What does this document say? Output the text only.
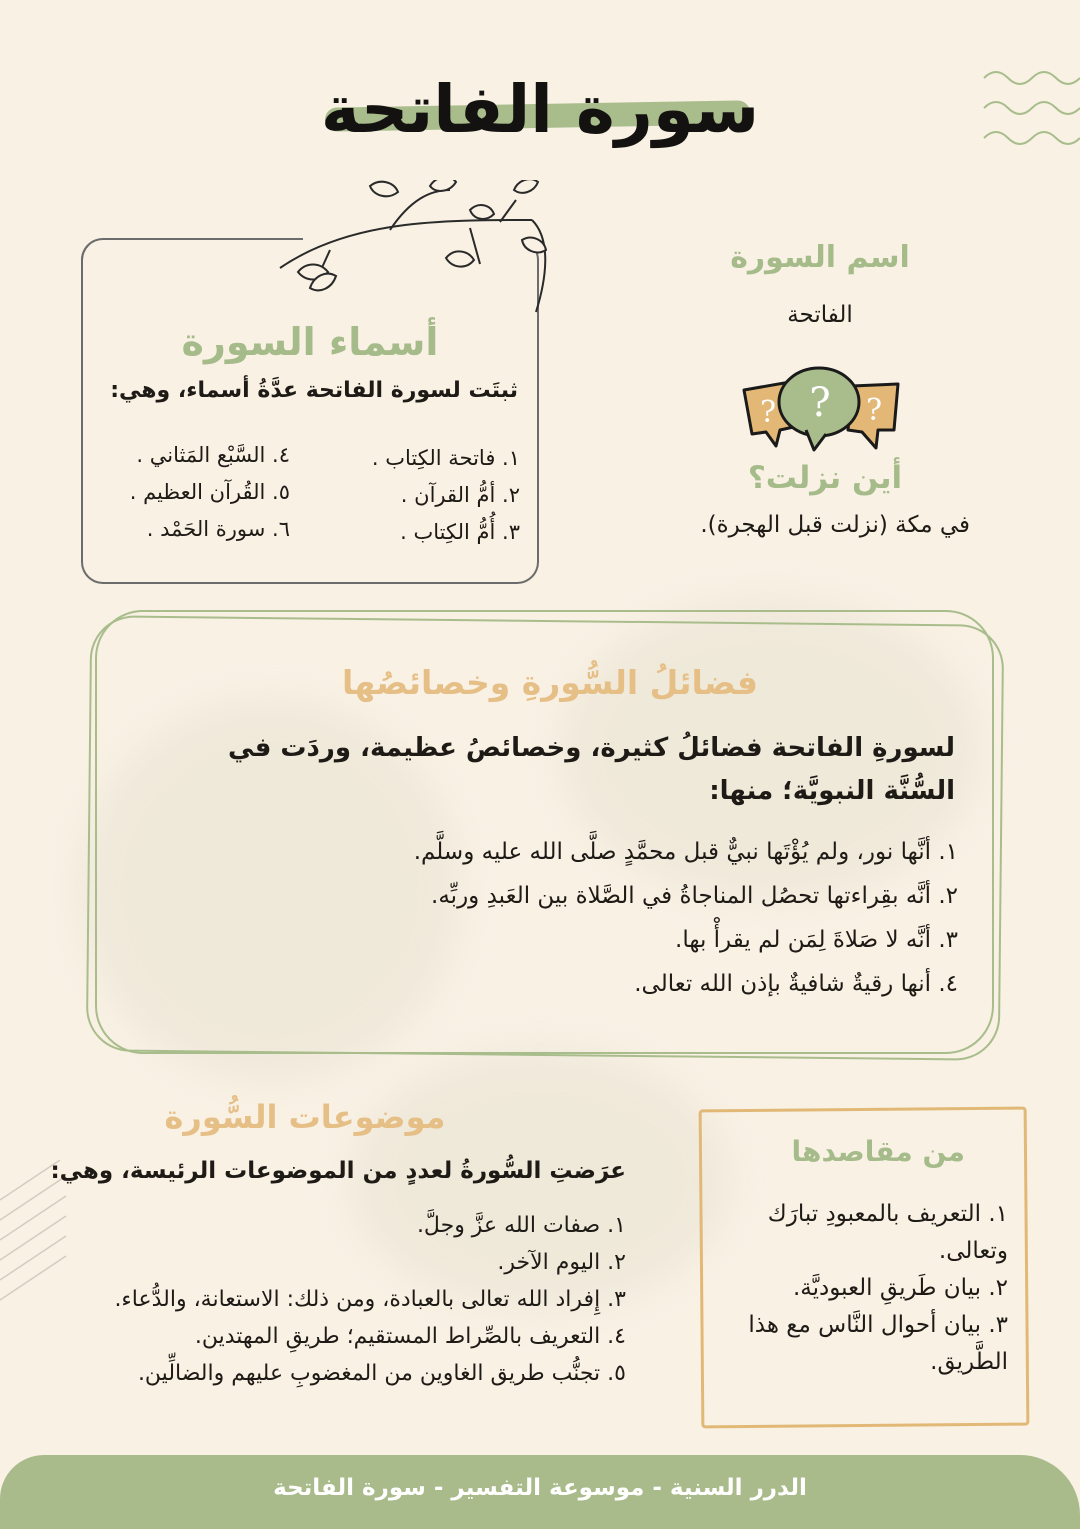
سورة الفاتحة
اسم السورة
الفاتحة
?
?	?
أين نزلت؟
في مكة (نزلت قبل الهجرة).
أسماء السورة
ثبتَت لسورة الفاتحة عدَّةُ أسماء، وهي:
١. فاتحة الكِتاب .
٢. أمُّ القرآن .
٣. أُمُّ الكِتاب .
٤. السَّبْع المَثاني .
٥. القُرآن العظيم .
٦. سورة الحَمْد .
فضائلُ السُّورةِ وخصائصُها
لسورةِ الفاتحة فضائلُ كثيرة، وخصائصُ عظيمة، وردَت في السُّنَّة النبويَّة؛ منها:
١. أنَّها نور، ولم يُؤْتَها نبيٌّ قبل محمَّدٍ صلَّى الله عليه وسلَّم.
٢. أنَّه بقِراءتها تحصُل المناجاةُ في الصَّلاة بين العَبدِ وربِّه.
٣. أنَّه لا صَلاةَ لِمَن لم يقرأْ بها.
٤. أنها رقيةٌ شافيةٌ بإذن الله تعالى.
موضوعات السُّورة
عرَضتِ السُّورةُ لعددٍ من الموضوعات الرئيسة، وهي:
١. صفات الله عزَّ وجلَّ.
٢. اليوم الآخر.
٣. إِفراد الله تعالى بالعبادة، ومن ذلك: الاستعانة، والدُّعاء.
٤. التعريف بالصِّراط المستقيم؛ طريقِ المهتدين.
٥. تجنُّب طريق الغاوين من المغضوبِ عليهم والضالِّين.
من مقاصدها
١. التعريف بالمعبودِ تبارَك وتعالى.
٢. بيان طَريقِ العبوديَّة.
٣. بيان أحوال النَّاس مع هذا الطَّريق.
الدرر السنية - موسوعة التفسير - سورة الفاتحة
